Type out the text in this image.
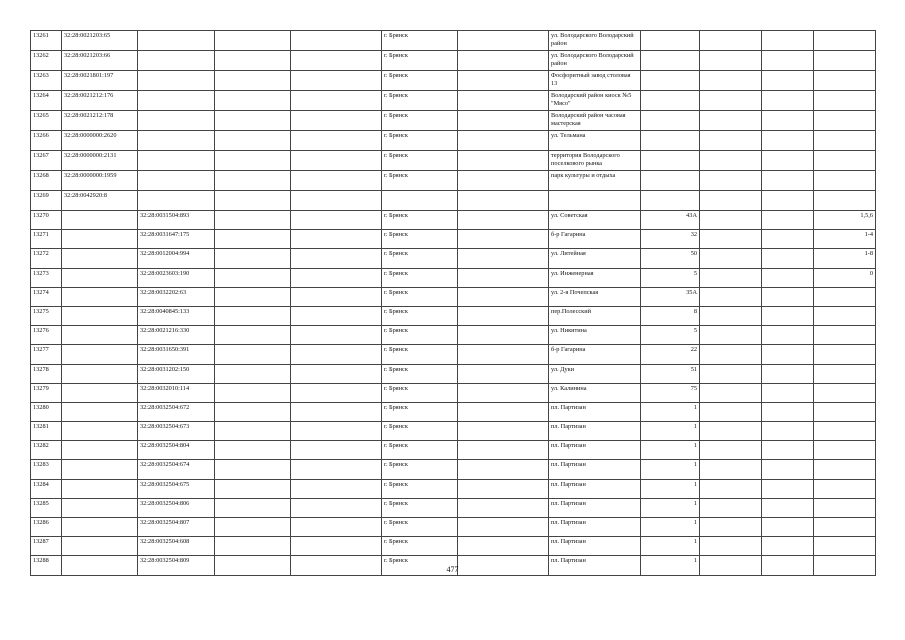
13261	32:28:0021203:65				г. Брянск		ул. Володарского Володарский район				
13262	32:28:0021203:66				г. Брянск		ул. Володарского Володарский район				
13263	32:28:0021801:197				г. Брянск		Фосфоритный завод столовая 13				
13264	32:28:0021212:176				г. Брянск		Володарский район киоск №5 "Мясо"				
13265	32:28:0021212:178				г. Брянск		Володарский район часовая мастерская				
13266	32:28:0000000:2620				г. Брянск		ул. Тельмана				
13267	32:28:0000000:2131				г. Брянск		территория Володарского поселкового рынка				
13268	32:28:0000000:1959				г. Брянск		парк культуры и отдыха				
13269	32:28:0042920:8										
13270		32:28:0031504:893			г. Брянск		ул. Советская	43А			1,5,6
13271		32:28:0031647:175			г. Брянск		б-р Гагарина	32			1-4
13272		32:28:0012004:994			г. Брянск		ул. Литейная	50			1-8
13273		32:28:0023603:190			г. Брянск		ул. Инженерная	5			0
13274		32:28:0032202:63			г. Брянск		ул. 2-я Почепская	35А			
13275		32:28:0040845:133			г. Брянск		пер.Полесский	8			
13276		32:28:0021216:330			г. Брянск		ул. Никитина	5			
13277		32:28:0031650:391			г. Брянск		б-р Гагарина	22			
13278		32:28:0031202:150			г. Брянск		ул. Дуки	51			
13279		32:28:0032010:114			г. Брянск		ул. Калинина	75			
13280		32:28:0032504:672			г. Брянск		пл. Партизан	1			
13281		32:28:0032504:673			г. Брянск		пл. Партизан	1			
13282		32:28:0032504:804			г. Брянск		пл. Партизан	1			
13283		32:28:0032504:674			г. Брянск		пл. Партизан	1			
13284		32:28:0032504:675			г. Брянск		пл. Партизан	1			
13285		32:28:0032504:806			г. Брянск		пл. Партизан	1			
13286		32:28:0032504:807			г. Брянск		пл. Партизан	1			
13287		32:28:0032504:608			г. Брянск		пл. Партизан	1			
13288		32:28:0032504:809			г. Брянск		пл. Партизан	1			
477
